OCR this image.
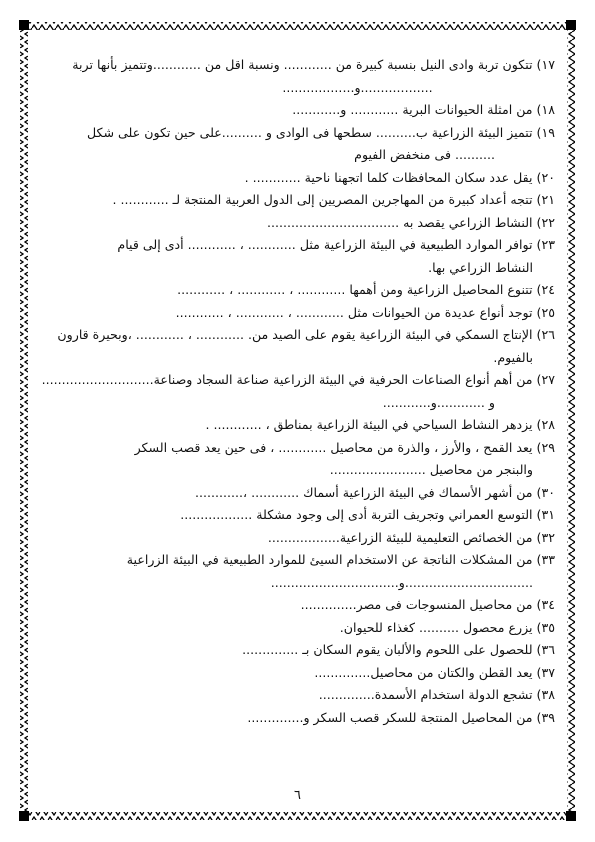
١٧) تتكون تربة وادى النيل بنسبة كبيرة من ............ ونسبة اقل من ............وتتميز بأنها تربة
..................و..................
١٨) من امثلة الحيوانات البرية ............ و............
١٩) تتميز البيئة الزراعية ب.......... سطحها فى الوادى و ..........على حين تكون على شكل
.......... فى منخفض الفيوم
٢٠) يقل عدد سكان المحافظات كلما اتجهنا ناحية ............ .
٢١) تتجه أعداد كبيرة من المهاجرين المصريين إلى الدول العربية المنتجة لـ ............ .
٢٢) النشاط الزراعي يقصد به .................................
٢٣) توافر الموارد الطبيعية في البيئة الزراعية مثل ............ ، ............ أدى إلى قيام
النشاط الزراعي بها.
٢٤) تتنوع المحاصيل الزراعية ومن أهمها ............ ، ............ ، ............
٢٥) توجد أنواع عديدة من الحيوانات مثل ............ ، ............ ، ............
٢٦) الإنتاج السمكي في البيئة الزراعية يقوم على الصيد من. ............ ، ............ ،وبحيرة قارون
بالفيوم.
٢٧) من أهم أنواع الصناعات الحرفية في البيئة الزراعية صناعة السجاد وصناعة............................
و ............و............
٢٨) يزدهر النشاط السياحي في البيئة الزراعية بمناطق ، ............ .
٢٩) يعد القمح ، والأرز ، والذرة من محاصيل ............ ، فى حين يعد قصب السكر
والبنجر من محاصيل ........................
٣٠) من أشهر الأسماك في البيئة الزراعية أسماك ............ ،............
٣١) التوسع العمراني وتجريف التربة أدى إلى وجود مشكلة ..................
٣٢) من الخصائص التعليمية للبيئة الزراعية..................
٣٣) من المشكلات الناتجة عن الاستخدام السيئ للموارد الطبيعية في البيئة الزراعية
................................و................................
٣٤) من محاصيل المنسوجات فى مصر..............
٣٥) يزرع محصول .......... كغذاء للحيوان.
٣٦) للحصول على اللحوم والألبان يقوم السكان بـ ..............
٣٧) يعد القطن والكتان من محاصيل..............
٣٨) تشجع الدولة استخدام الأسمدة..............
٣٩) من المحاصيل المنتجة للسكر قصب السكر و..............
٦
